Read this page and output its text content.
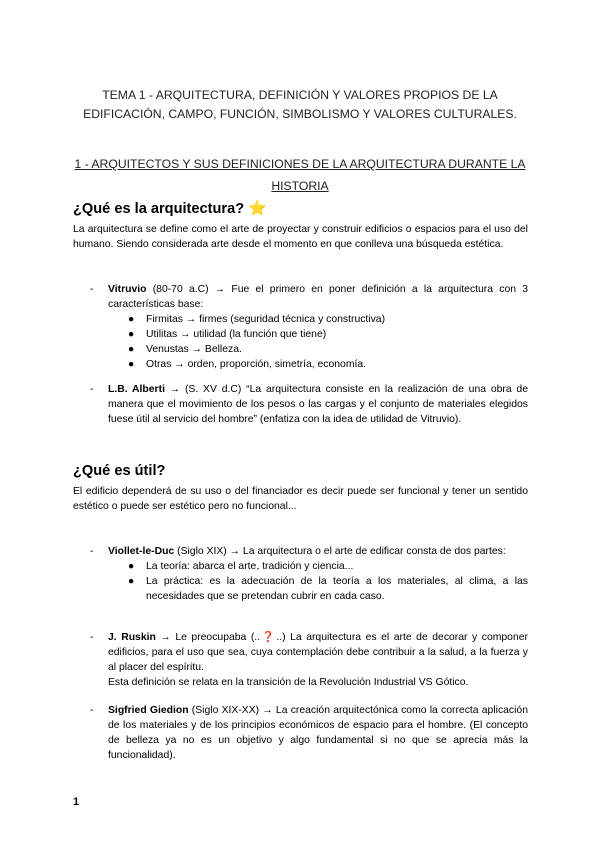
TEMA 1 - ARQUITECTURA, DEFINICIÓN Y VALORES PROPIOS DE LA
EDIFICACIÓN, CAMPO, FUNCIÓN, SIMBOLISMO Y VALORES CULTURALES.
1 - ARQUITECTOS Y SUS DEFINICIONES DE LA ARQUITECTURA DURANTE LA
HISTORIA
¿Qué es la arquitectura? ⭐
La arquitectura se define como el arte de proyectar y construir edificios o espacios para el uso del humano. Siendo considerada arte desde el momento en que conlleva una búsqueda estética.
-	Vitruvio (80-70 a.C) → Fue el primero en poner definición a la arquitectura con 3 características base:
● Firmitas → firmes (seguridad técnica y constructiva)
● Utilitas → utilidad (la función que tiene)
● Venustas → Belleza.
● Otras → orden, proporción, simetría, economía.
-	L.B. Alberti → (S. XV d.C) “La arquitectura consiste en la realización de una obra de manera que el movimiento de los pesos o las cargas y el conjunto de materiales elegidos fuese útil al servicio del hombre” (enfatiza con la idea de utilidad de Vitruvio).
¿Qué es útil?
El edificio dependerá de su uso o del financiador es decir puede ser funcional y tener un sentido estético o puede ser estético pero no funcional...
-	Viollet-le-Duc (Siglo XIX) → La arquitectura o el arte de edificar consta de dos partes:
● La teoría: abarca el arte, tradición y ciencia...
● La práctica: es la adecuación de la teoría a los materiales, al clima, a las necesidades que se pretendan cubrir en cada caso.
-	J. Ruskin → Le preocupaba (..❓..) La arquitectura es el arte de decorar y componer edificios, para el uso que sea, cuya contemplación debe contribuir a la salud, a la fuerza y al placer del espíritu.
Esta definición se relata en la transición de la Revolución Industrial VS Gótico.
-	Sigfried Giedion (Siglo XIX-XX) → La creación arquitectónica como la correcta aplicación de los materiales y de los principios económicos de espacio para el hombre. (El concepto de belleza ya no es un objetivo y algo fundamental si no que se aprecia más la funcionalidad).
1
